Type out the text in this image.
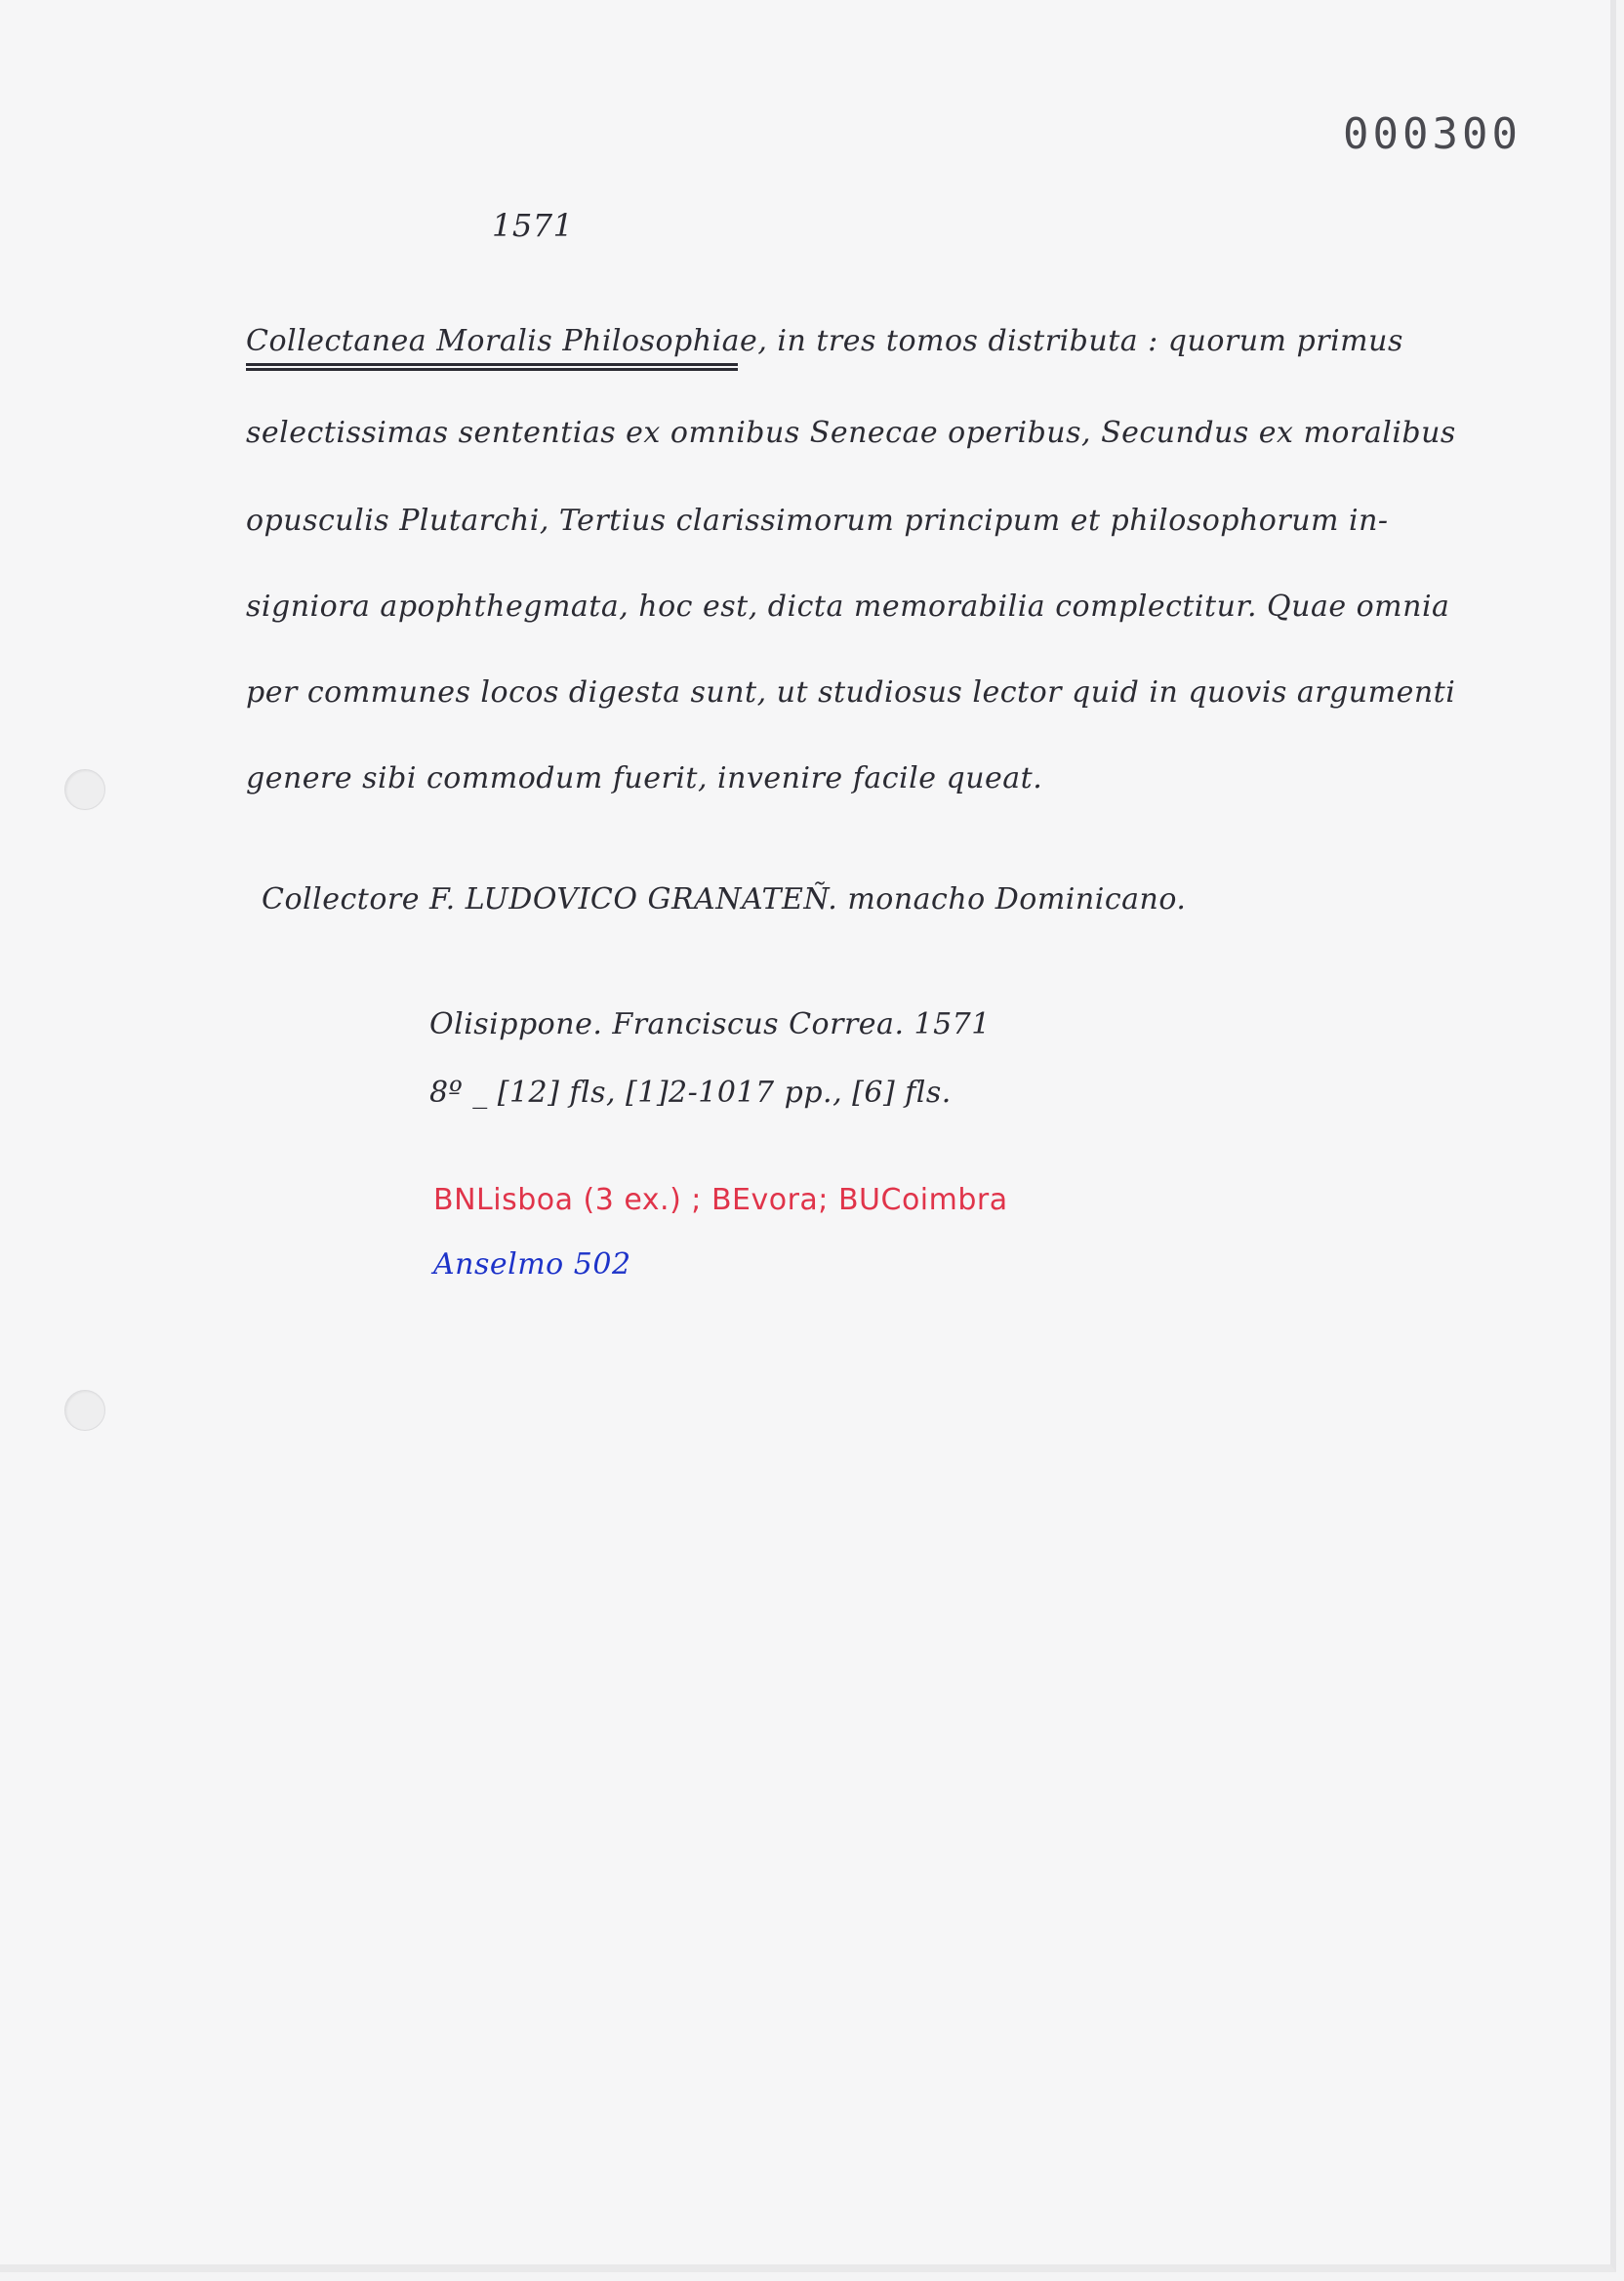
000300
1571
Collectanea Moralis Philosophiae, in tres tomos distributa : quorum primus
selectissimas sententias ex omnibus Senecae operibus, Secundus ex moralibus
opusculis Plutarchi, Tertius clarissimorum principum et philosophorum in-
signiora apophthegmata, hoc est, dicta memorabilia complectitur. Quae omnia
per communes locos digesta sunt, ut studiosus lector quid in quovis argumenti
genere sibi commodum fuerit, invenire facile queat.
Collectore F. LUDOVICO GRANATEÑ. monacho Dominicano.
Olisippone. Franciscus Correa. 1571
8º _ [12] fls, [1]2-1017 pp., [6] fls.
BNLisboa (3 ex.) ; BEvora; BUCoimbra
Anselmo 502
